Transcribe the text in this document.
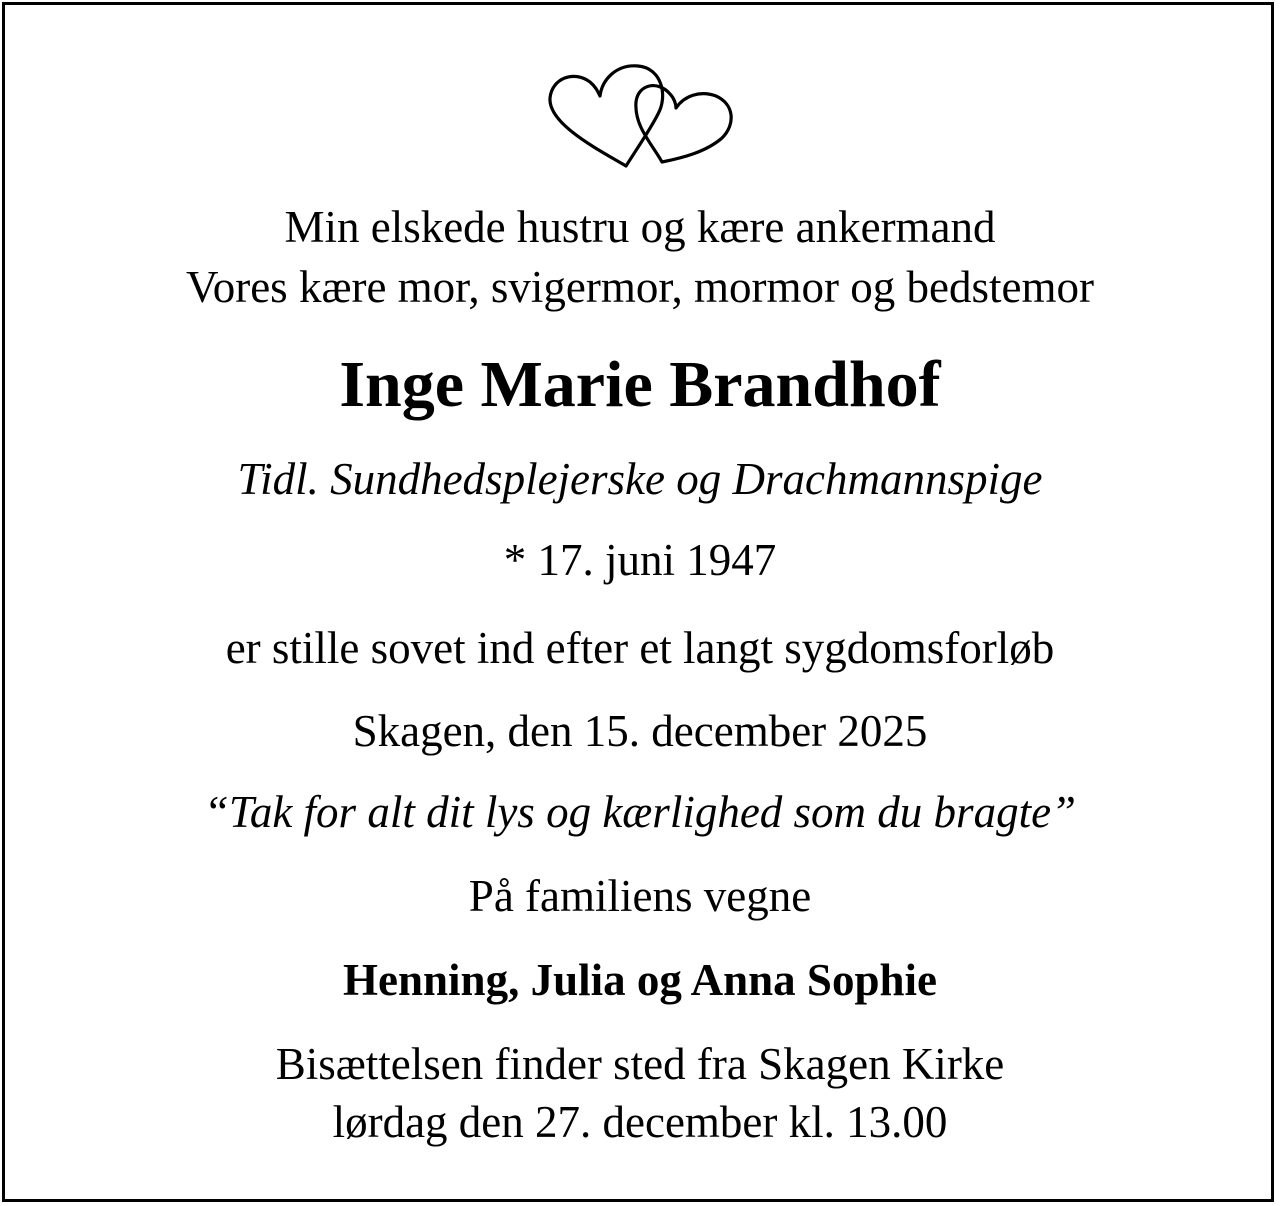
Min elskede hustru og kære ankermand
Vores kære mor, svigermor, mormor og bedstemor
Inge Marie Brandhof
Tidl. Sundhedsplejerske og Drachmannspige
* 17. juni 1947
er stille sovet ind efter et langt sygdomsforløb
Skagen, den 15. december 2025
“Tak for alt dit lys og kærlighed som du bragte”
På familiens vegne
Henning, Julia og Anna Sophie
Bisættelsen finder sted fra Skagen Kirke
lørdag den 27. december kl. 13.00
